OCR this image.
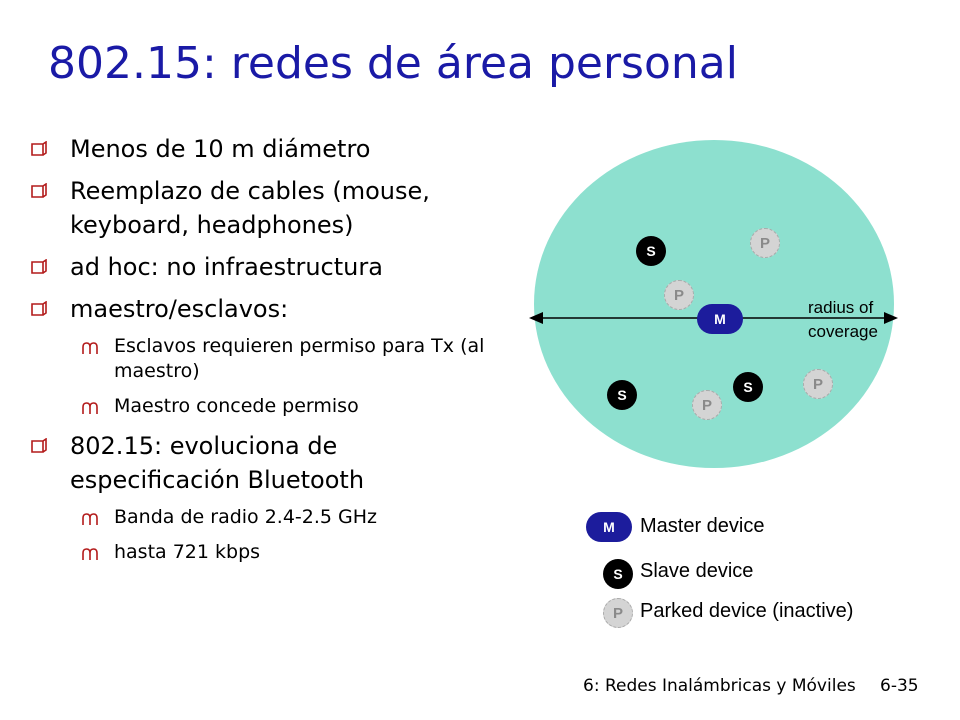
802.15: redes de área personal
Menos de 10 m diámetro
Reemplazo de cables (mouse, keyboard, headphones)
ad hoc: no infraestructura
maestro/esclavos:
Esclavos requieren permiso para Tx (al maestro)
Maestro concede permiso
802.15: evoluciona de especificación Bluetooth
Banda de radio 2.4-2.5 GHz
hasta 721 kbps
radius of coverage
S	P
P
M
S	S	P
P
M	Master device
S Slave device
P Parked device (inactive)
6: Redes Inalámbricas y Móviles 6-35
